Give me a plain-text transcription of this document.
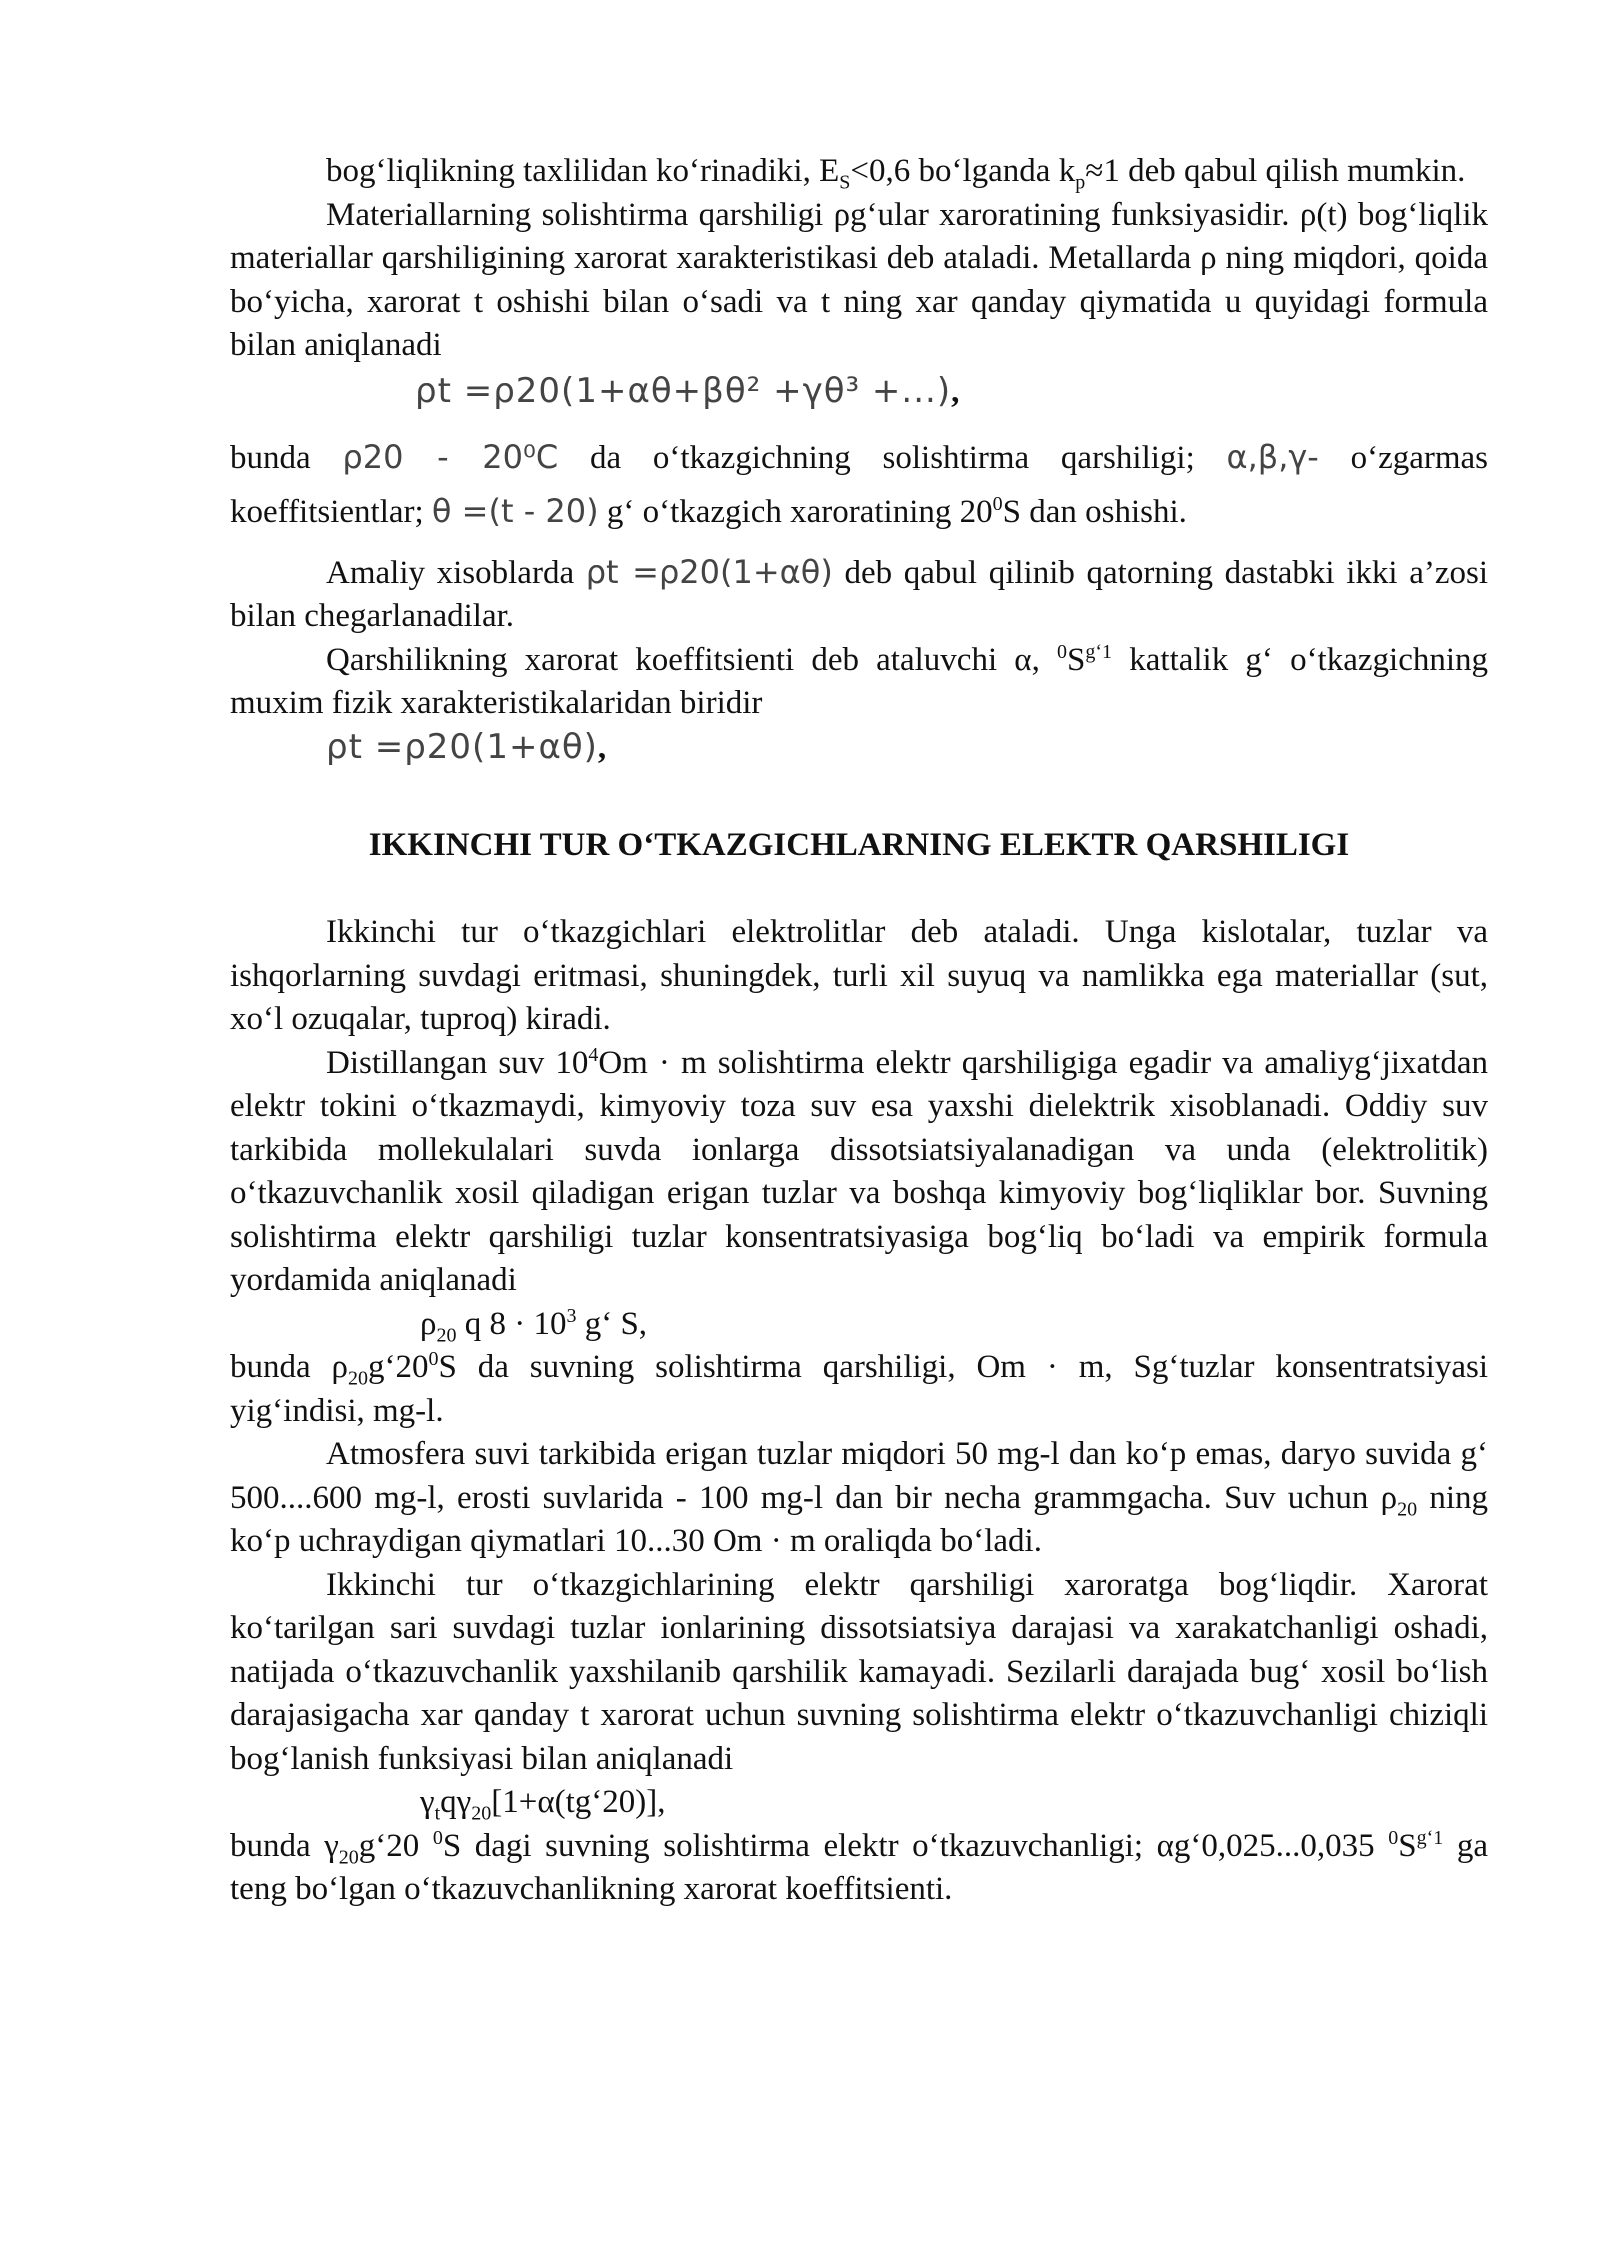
bog‘liqlikning taxlilidan ko‘rinadiki, $E_S<0,6$ bo‘lganda $k_p\approx 1$ deb qabul qilish mumkin.

Materiallarning solishtirma qarshiligi ρg‘ular xaroratining funksiyasidir. ρ(t) bog‘liqlik materiallar qarshiligining xarorat xarakteristikasi deb ataladi. Metallarda ρ ning miqdori, qoida bo‘yicha, xarorat t oshishi bilan o‘sadi va t ning xar qanday qiymatida u quyidagi formula bilan aniqlanadi

ρt =ρ20(1+αθ+βθ² +γθ³ +...),

bunda ρ20 - 20⁰C da o‘tkazgichning solishtirma qarshiligi; α,β,γ- o‘zgarmas

koeffitsientlar; θ =(t - 20) g‘ o‘tkazgich xaroratining $20^0S$ dan oshishi.

Amaliy xisoblarda ρt =ρ20(1+αθ) deb qabul qilinib qatorning dastabki ikki a’zosi bilan chegarlanadilar.

Qarshilikning xarorat koeffitsienti deb ataluvchi α, $^0S^{g‘1}$ kattalik g‘ o‘tkazgichning muxim fizik xarakteristikalaridan biridir

ρt =ρ20(1+αθ),
IKKINCHI TUR O‘TKAZGICHLARNING ELEKTR QARSHILIGI

Ikkinchi tur o‘tkazgichlari elektrolitlar deb ataladi. Unga kislotalar, tuzlar va ishqorlarning suvdagi eritmasi, shuningdek, turli xil suyuq va namlikka ega materiallar (sut, xo‘l ozuqalar, tuproq) kiradi.

Distillangan suv $10^4Om \cdot m$ solishtirma elektr qarshiligiga egadir va amaliyg‘jixatdan elektr tokini o‘tkazmaydi, kimyoviy toza suv esa yaxshi dielektrik xisoblanadi. Oddiy suv tarkibida mollekulalari suvda ionlarga dissotsiatsiyalanadigan va unda (elektrolitik) o‘tkazuvchanlik xosil qiladigan erigan tuzlar va boshqa kimyoviy bog‘liqliklar bor. Suvning solishtirma elektr qarshiligi tuzlar konsentratsiyasiga bog‘liq bo‘ladi va empirik formula yordamida aniqlanadi

$\rho_{20}$ q $8 \cdot 10^3$ g‘ S,

bunda $\rho_{20}g‘20^0S$ da suvning solishtirma qarshiligi, Om · m, Sg‘tuzlar konsentratsiyasi yig‘indisi, mg-l.

Atmosfera suvi tarkibida erigan tuzlar miqdori 50 mg-l dan ko‘p emas, daryo suvida g‘ 500....600 mg-l, erosti suvlarida - 100 mg-l dan bir necha grammgacha. Suv uchun $\rho_{20}$ ning ko‘p uchraydigan qiymatlari 10...30 Om · m oraliqda bo‘ladi.

Ikkinchi tur o‘tkazgichlarining elektr qarshiligi xaroratga bog‘liqdir. Xarorat ko‘tarilgan sari suvdagi tuzlar ionlarining dissotsiatsiya darajasi va xarakatchanligi oshadi, natijada o‘tkazuvchanlik yaxshilanib qarshilik kamayadi. Sezilarli darajada bug‘ xosil bo‘lish darajasigacha xar qanday t xarorat uchun suvning solishtirma elektr o‘tkazuvchanligi chiziqli bog‘lanish funksiyasi bilan aniqlanadi

$\gamma_tq\gamma_{20}[1+\alpha(tg‘20)]$,

bunda $\gamma_{20}g‘20$ $^0$S dagi suvning solishtirma elektr o‘tkazuvchanligi; αg‘0,025...0,035 $^0S^{g‘1}$ ga teng bo‘lgan o‘tkazuvchanlikning xarorat koeffitsienti.
